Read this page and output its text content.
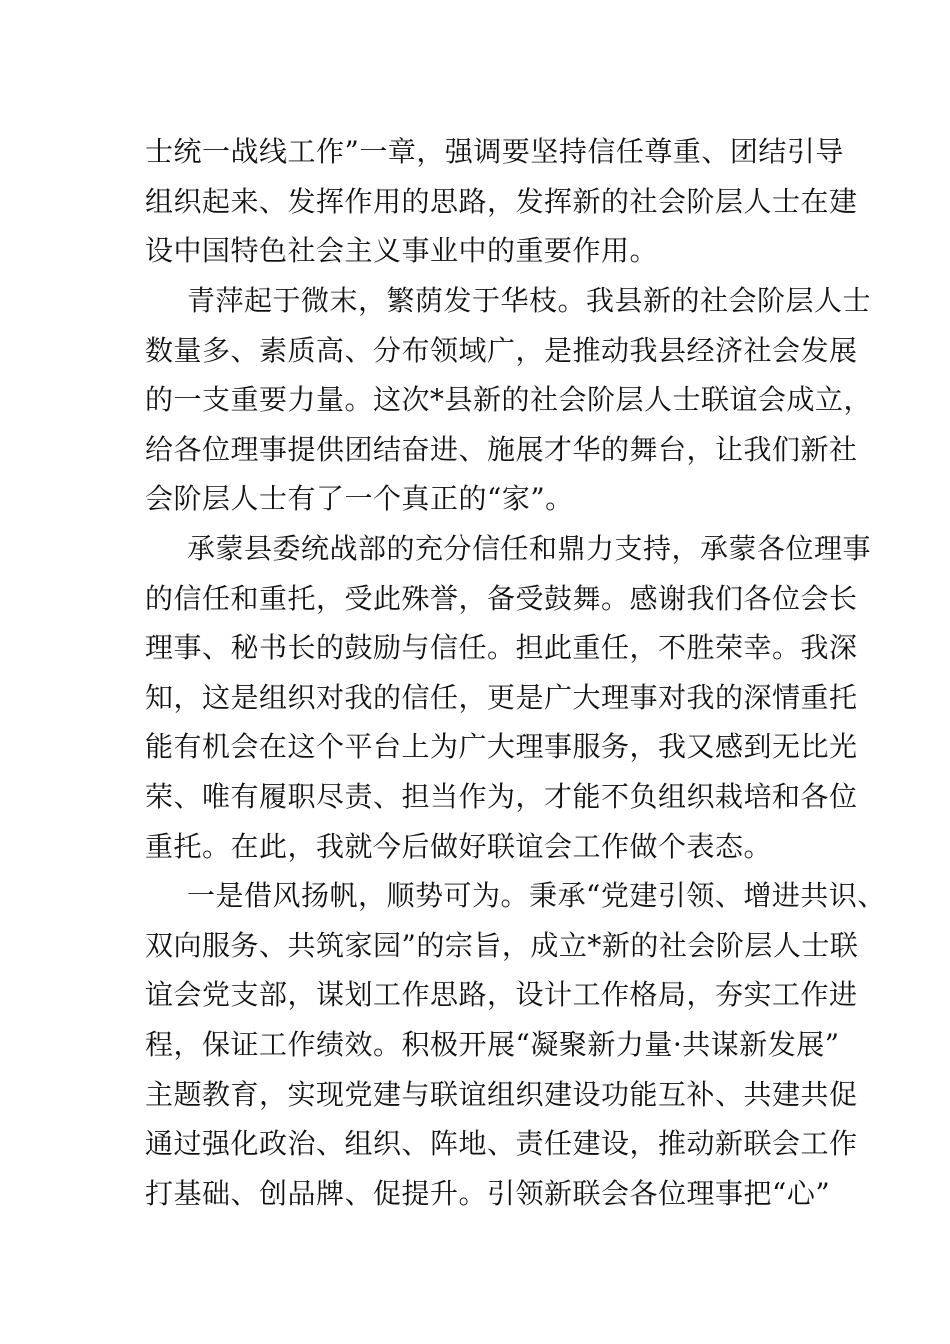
士统一战线工作”一章，强调要坚持信任尊重、团结引导
组织起来、发挥作用的思路，发挥新的社会阶层人士在建
设中国特色社会主义事业中的重要作用。
青萍起于微末，繁荫发于华枝。我县新的社会阶层人士
数量多、素质高、分布领域广，是推动我县经济社会发展
的一支重要力量。这次*县新的社会阶层人士联谊会成立，
给各位理事提供团结奋进、施展才华的舞台，让我们新社
会阶层人士有了一个真正的“家”。
承蒙县委统战部的充分信任和鼎力支持，承蒙各位理事
的信任和重托，受此殊誉，备受鼓舞。感谢我们各位会长
理事、秘书长的鼓励与信任。担此重任，不胜荣幸。我深
知，这是组织对我的信任，更是广大理事对我的深情重托
能有机会在这个平台上为广大理事服务，我又感到无比光
荣、唯有履职尽责、担当作为，才能不负组织栽培和各位
重托。在此，我就今后做好联谊会工作做个表态。
一是借风扬帆，顺势可为。秉承“党建引领、增进共识、
双向服务、共筑家园”的宗旨，成立*新的社会阶层人士联
谊会党支部，谋划工作思路，设计工作格局，夯实工作进
程，保证工作绩效。积极开展“凝聚新力量·共谋新发展”
主题教育，实现党建与联谊组织建设功能互补、共建共促
通过强化政治、组织、阵地、责任建设，推动新联会工作
打基础、创品牌、促提升。引领新联会各位理事把“心”
